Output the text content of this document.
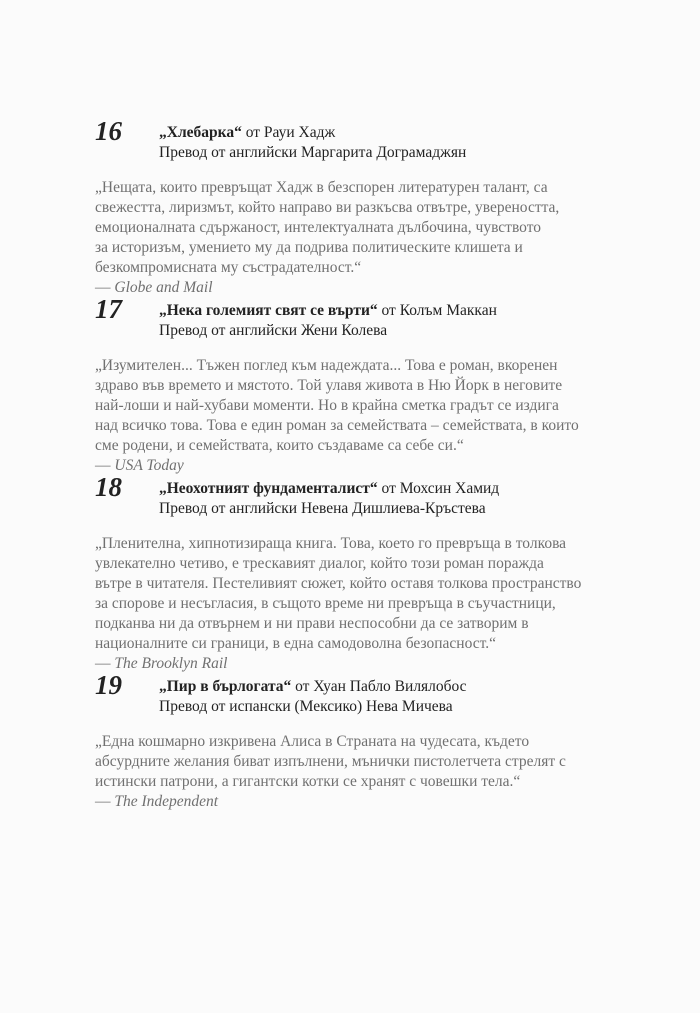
16 „Хлебарка“ от Рауи Хадж
Превод от английски Маргарита Дограмаджян
„Нещата, които превръщат Хадж в безспорен литературен талант, са
свежестта, лиризмът, който направо ви разкъсва отвътре, увереността,
емоционалната сдържаност, интелектуалната дълбочина, чувството
за историзъм, умението му да подрива политическите клишета и
безкомпромисната му състрадателност.“
— Globe and Mail
17 „Нека големият свят се върти“ от Колъм Маккан
Превод от английски Жени Колева
„Изумителен... Тъжен поглед към надеждата... Това е роман, вкоренен
здраво във времето и мястото. Той улавя живота в Ню Йорк в неговите
най-лоши и най-хубави моменти. Но в крайна сметка градът се издига
над всичко това. Това е един роман за семействата – семействата, в които
сме родени, и семействата, които създаваме са себе си.“
— USA Today
18 „Неохотният фундаменталист“ от Мохсин Хамид
Превод от английски Невена Дишлиева-Кръстева
„Пленителна, хипнотизираща книга. Това, което го превръща в толкова
увлекателно четиво, е трескавият диалог, който този роман поражда
вътре в читателя. Пестеливият сюжет, който оставя толкова пространство
за спорове и несъгласия, в същото време ни превръща в съучастници,
подканва ни да отвърнем и ни прави неспособни да се затворим в
националните си граници, в една самодоволна безопасност.“
— The Brooklyn Rail
19 „Пир в бърлогата“ от Хуан Пабло Вилялобос
Превод от испански (Мексико) Нева Мичева
„Една кошмарно изкривена Алиса в Страната на чудесата, където
абсурдните желания биват изпълнени, мънички пистолетчета стрелят с
истински патрони, а гигантски котки се хранят с човешки тела.“
— The Independent
